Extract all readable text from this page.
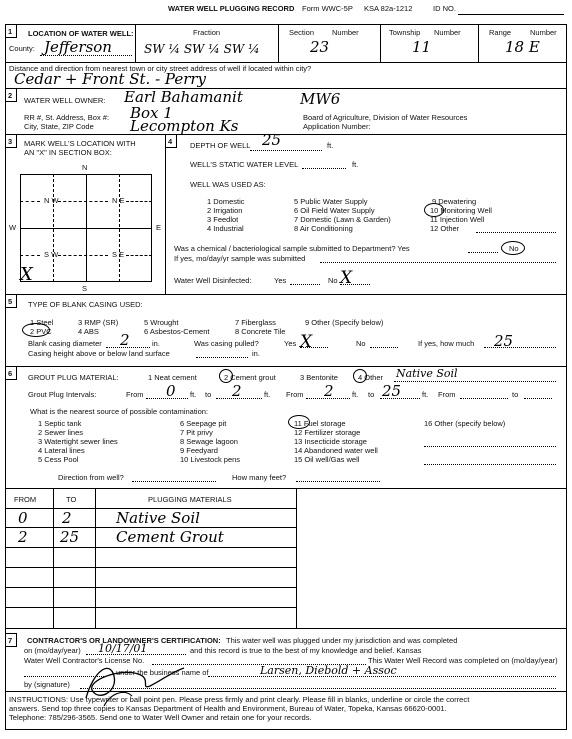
WATER WELL PLUGGING RECORD Form WWC-5P KSA 82a-1212	ID NO.
1 LOCATION OF WATER WELL:	Fraction	Section Number	Township Number	Range	Number
County: Jefferson	SW ¼ SW ¼ SW ¼	23	11	18 E
Distance and direction from nearest town or city street address of well if located within city?
Cedar + Front St. - Perry
2
WATER WELL OWNER: Earl Bahamanit	MW6
RR #, St. Address, Box #: Box 1
City, State, ZIP Code Lecompton Ks	Board of Agriculture, Division of Water Resources
Application Number:
3 MARK WELL'S LOCATION WITH
AN "X" IN SECTION BOX:
N
S
E
W
N W	N E
S W	S E
X
4 DEPTH OF WELL 25	ft.
WELL'S STATIC WATER LEVEL	ft.
WELL WAS USED AS:
1 Domestic
2 Irrigation
3 Feedlot
4 Industrial
5 Public Water Supply
6 Oil Field Water Supply
7 Domestic (Lawn & Garden)
8 Air Conditioning
9 Dewatering
10 Monitoring Well
11 Injection Well
12 Other
Was a chemical / bacteriological sample submitted to Department? Yes	No
If yes, mo/day/yr sample was submitted
Water Well Disinfected:	Yes	No X
5 TYPE OF BLANK CASING USED:
1 Steel	3 RMP (SR)	5 Wrought	7 Fiberglass	9 Other (Specify below)
2 PVC	4 ABS	6 Asbestos-Cement	8 Concrete Tile
Blank casing diameter 2	in.	Was casing pulled?	Yes X	No	If yes, how much 25
Casing height above or below land surface	in.
6 GROUT PLUG MATERIAL:	1 Neat cement	2 Cement grout	3 Bentonite	4 Other Native Soil
Grout Plug Intervals:	From 0 ft. to 2	ft. From 2 ft. to 25	ft. From	to
What is the nearest source of possible contamination:
1 Septic tank
2 Sewer lines
3 Watertight sewer lines
4 Lateral lines
5 Cess Pool
6 Seepage pit
7 Pit privy
8 Sewage lagoon
9 Feedyard
10 Livestock pens
11 Fuel storage
12 Fertilizer storage
13 Insecticide storage
14 Abandoned water well
15 Oil well/Gas well
16 Other (specify below)
Direction from well?	How many feet?
FROM	TO	PLUGGING MATERIALS
0 2	Native Soil
2 25 Cement Grout
7 CONTRACTOR'S OR LANDOWNER'S CERTIFICATION: This water well was plugged under my jurisdiction and was completed
on (mo/day/year) 10/17/01	and this record is true to the best of my knowledge and belief. Kansas
Water Well Contractor's License No.	This Water Well Record was completed on (mo/day/year)
under the business name of	Larsen, Diebold + Assoc
by (signature)
INSTRUCTIONS: Use typewriter or ball point pen. Please press firmly and print clearly. Please fill in blanks, underline or circle the correct
answers. Send top three copies to Kansas Department of Health and Environment, Bureau of Water, Topeka, Kansas 66620-0001.
Telephone: 785/296-3565. Send one to Water Well Owner and retain one for your records.
